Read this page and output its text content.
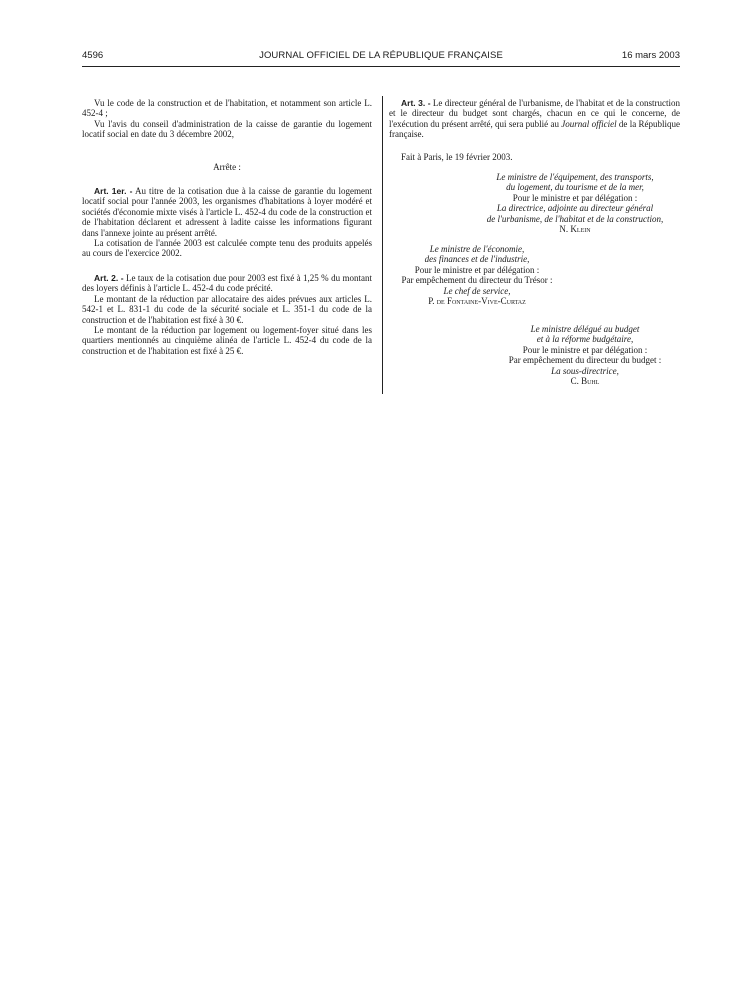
4596	JOURNAL OFFICIEL DE LA RÉPUBLIQUE FRANÇAISE	16 mars 2003

Vu le code de la construction et de l'habitation, et notamment son article L. 452-4 ;

Vu l'avis du conseil d'administration de la caisse de garantie du logement locatif social en date du 3 décembre 2002,

Arrête :

Art. 1er. - Au titre de la cotisation due à la caisse de garantie du logement locatif social pour l'année 2003, les organismes d'habitations à loyer modéré et sociétés d'économie mixte visés à l'article L. 452-4 du code de la construction et de l'habitation déclarent et adressent à ladite caisse les informations figurant dans l'annexe jointe au présent arrêté.

La cotisation de l'année 2003 est calculée compte tenu des produits appelés au cours de l'exercice 2002.

Art. 2. - Le taux de la cotisation due pour 2003 est fixé à 1,25 % du montant des loyers définis à l'article L. 452-4 du code précité.

Le montant de la réduction par allocataire des aides prévues aux articles L. 542-1 et L. 831-1 du code de la sécurité sociale et L. 351-1 du code de la construction et de l'habitation est fixé à 30 €.

Le montant de la réduction par logement ou logement-foyer situé dans les quartiers mentionnés au cinquième alinéa de l'article L. 452-4 du code de la construction et de l'habitation est fixé à 25 €.

Art. 3. - Le directeur général de l'urbanisme, de l'habitat et de la construction et le directeur du budget sont chargés, chacun en ce qui le concerne, de l'exécution du présent arrêté, qui sera publié au Journal officiel de la République française.

Fait à Paris, le 19 février 2003.

Le ministre de l'équipement, des transports,
du logement, du tourisme et de la mer,
Pour le ministre et par délégation :
La directrice, adjointe au directeur général
de l'urbanisme, de l'habitat et de la construction,
N. Klein
Le ministre de l'économie,
des finances et de l'industrie,
Pour le ministre et par délégation :
Par empêchement du directeur du Trésor :
Le chef de service,
P. de Fontaine-Vive-Curtaz
Le ministre délégué au budget
et à la réforme budgétaire,
Pour le ministre et par délégation :
Par empêchement du directeur du budget :
La sous-directrice,
C. Buhl
